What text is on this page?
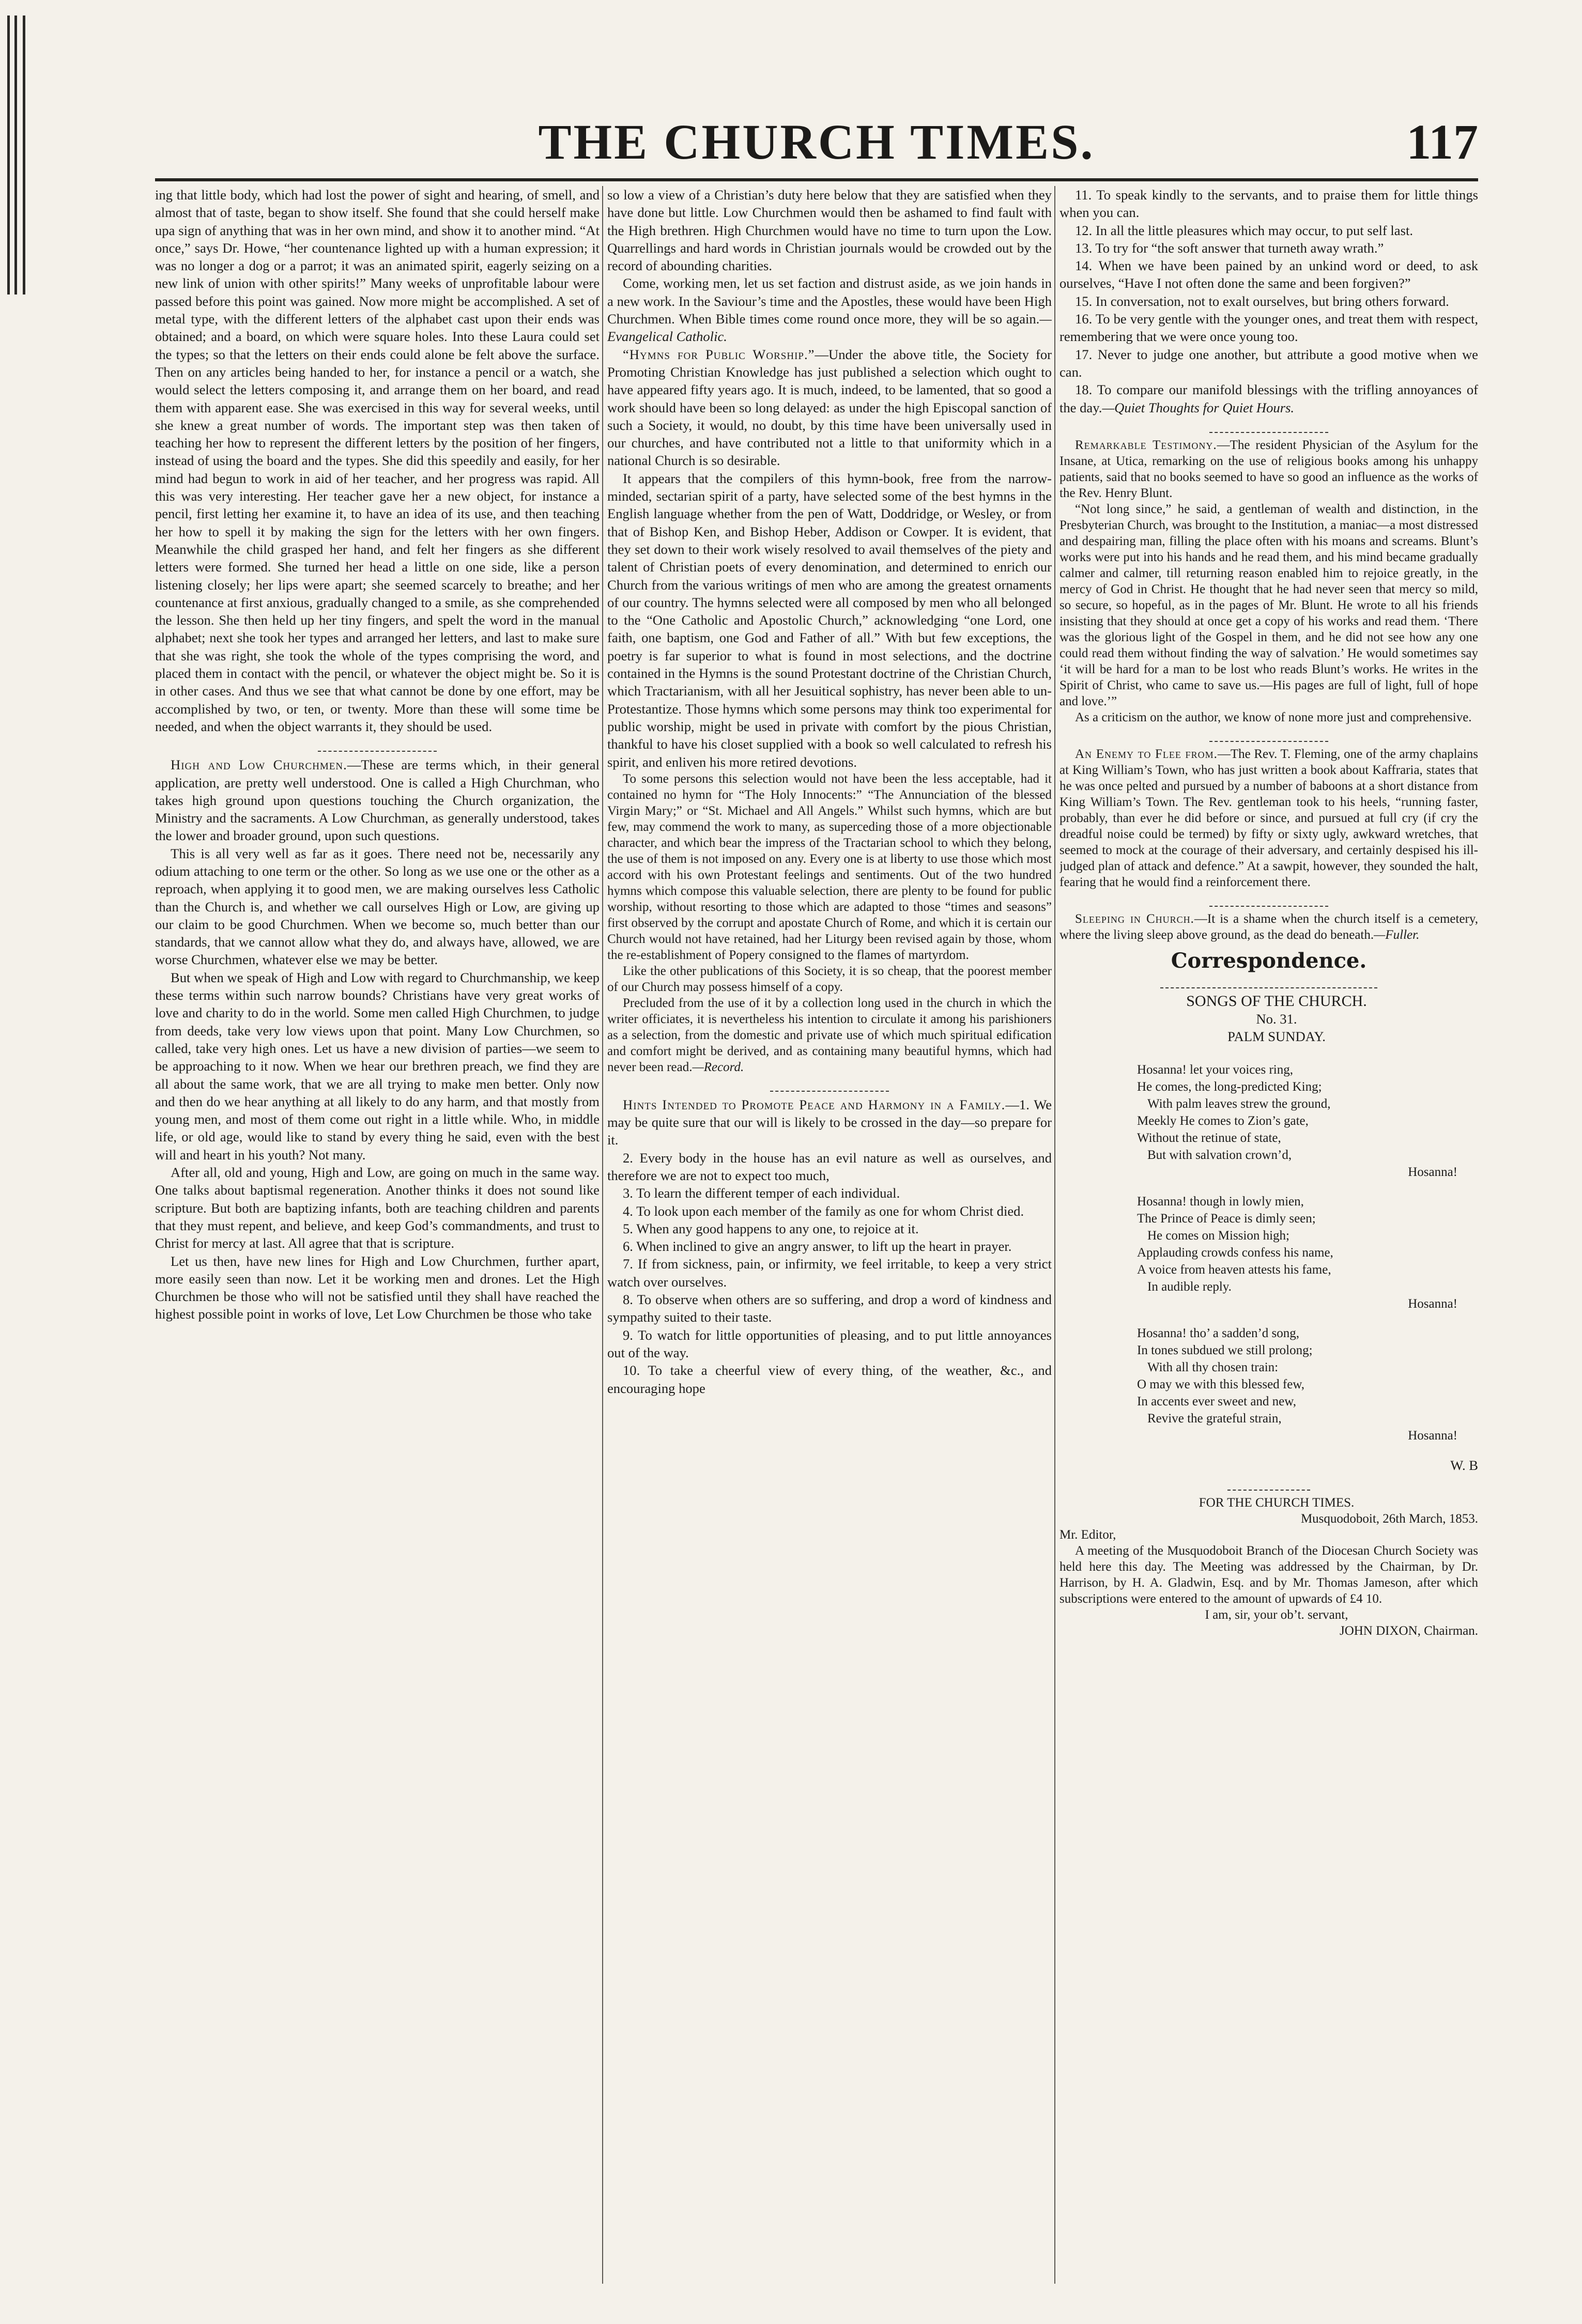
THE CHURCH TIMES.	117

ing that little body, which had lost the power of sight and hearing, of smell, and almost that of taste, began to show itself. She found that she could herself make upa sign of anything that was in her own mind, and show it to another mind. “At once,” says Dr. Howe, “her countenance lighted up with a human expression; it was no longer a dog or a parrot; it was an animated spirit, eagerly seizing on a new link of union with other spirits!” Many weeks of unprofitable labour were passed before this point was gained. Now more might be accomplished. A set of metal type, with the different letters of the alphabet cast upon their ends was obtained; and a board, on which were square holes. Into these Laura could set the types; so that the letters on their ends could alone be felt above the surface. Then on any articles being handed to her, for instance a pencil or a watch, she would select the letters composing it, and arrange them on her board, and read them with apparent ease. She was exercised in this way for several weeks, until she knew a great number of words. The important step was then taken of teaching her how to represent the different letters by the position of her fingers, instead of using the board and the types. She did this speedily and easily, for her mind had begun to work in aid of her teacher, and her progress was rapid. All this was very interesting. Her teacher gave her a new object, for instance a pencil, first letting her examine it, to have an idea of its use, and then teaching her how to spell it by making the sign for the letters with her own fingers. Meanwhile the child grasped her hand, and felt her fingers as she different letters were formed. She turned her head a little on one side, like a person listening closely; her lips were apart; she seemed scarcely to breathe; and her countenance at first anxious, gradually changed to a smile, as she comprehended the lesson. She then held up her tiny fingers, and spelt the word in the manual alphabet; next she took her types and arranged her letters, and last to make sure that she was right, she took the whole of the types comprising the word, and placed them in contact with the pencil, or whatever the object might be. So it is in other cases. And thus we see that what cannot be done by one effort, may be accomplished by two, or ten, or twenty. More than these will some time be needed, and when the object warrants it, they should be used.

High and Low Churchmen.—These are terms which, in their general application, are pretty well understood. One is called a High Churchman, who takes high ground upon questions touching the Church organization, the Ministry and the sacraments. A Low Churchman, as generally understood, takes the lower and broader ground, upon such questions.

This is all very well as far as it goes. There need not be, necessarily any odium attaching to one term or the other. So long as we use one or the other as a reproach, when applying it to good men, we are making ourselves less Catholic than the Church is, and whether we call ourselves High or Low, are giving up our claim to be good Churchmen. When we become so, much better than our standards, that we cannot allow what they do, and always have, allowed, we are worse Churchmen, whatever else we may be better.

But when we speak of High and Low with regard to Churchmanship, we keep these terms within such narrow bounds? Christians have very great works of love and charity to do in the world. Some men called High Churchmen, to judge from deeds, take very low views upon that point. Many Low Churchmen, so called, take very high ones. Let us have a new division of parties—we seem to be approaching to it now. When we hear our brethren preach, we find they are all about the same work, that we are all trying to make men better. Only now and then do we hear anything at all likely to do any harm, and that mostly from young men, and most of them come out right in a little while. Who, in middle life, or old age, would like to stand by every thing he said, even with the best will and heart in his youth? Not many.

After all, old and young, High and Low, are going on much in the same way. One talks about baptismal regeneration. Another thinks it does not sound like scripture. But both are baptizing infants, both are teaching children and parents that they must repent, and believe, and keep God’s commandments, and trust to Christ for mercy at last. All agree that that is scripture.

Let us then, have new lines for High and Low Churchmen, further apart, more easily seen than now. Let it be working men and drones. Let the High Churchmen be those who will not be satisfied until they shall have reached the highest possible point in works of love, Let Low Churchmen be those who take

so low a view of a Christian’s duty here below that they are satisfied when they have done but little. Low Churchmen would then be ashamed to find fault with the High brethren. High Churchmen would have no time to turn upon the Low. Quarrellings and hard words in Christian journals would be crowded out by the record of abounding charities.

Come, working men, let us set faction and distrust aside, as we join hands in a new work. In the Saviour’s time and the Apostles, these would have been High Churchmen. When Bible times come round once more, they will be so again.—Evangelical Catholic.

“Hymns for Public Worship.”—Under the above title, the Society for Promoting Christian Knowledge has just published a selection which ought to have appeared fifty years ago. It is much, indeed, to be lamented, that so good a work should have been so long delayed: as under the high Episcopal sanction of such a Society, it would, no doubt, by this time have been universally used in our churches, and have contributed not a little to that uniformity which in a national Church is so desirable.

It appears that the compilers of this hymn-book, free from the narrow-minded, sectarian spirit of a party, have selected some of the best hymns in the English language whether from the pen of Watt, Doddridge, or Wesley, or from that of Bishop Ken, and Bishop Heber, Addison or Cowper. It is evident, that they set down to their work wisely resolved to avail themselves of the piety and talent of Christian poets of every denomination, and determined to enrich our Church from the various writings of men who are among the greatest ornaments of our country. The hymns selected were all composed by men who all belonged to the “One Catholic and Apostolic Church,” acknowledging “one Lord, one faith, one baptism, one God and Father of all.” With but few exceptions, the poetry is far superior to what is found in most selections, and the doctrine contained in the Hymns is the sound Protestant doctrine of the Christian Church, which Tractarianism, with all her Jesuitical sophistry, has never been able to un-Protestantize. Those hymns which some persons may think too experimental for public worship, might be used in private with comfort by the pious Christian, thankful to have his closet supplied with a book so well calculated to refresh his spirit, and enliven his more retired devotions.

To some persons this selection would not have been the less acceptable, had it contained no hymn for “The Holy Innocents:” “The Annunciation of the blessed Virgin Mary;” or “St. Michael and All Angels.” Whilst such hymns, which are but few, may commend the work to many, as superceding those of a more objectionable character, and which bear the impress of the Tractarian school to which they belong, the use of them is not imposed on any. Every one is at liberty to use those which most accord with his own Protestant feelings and sentiments. Out of the two hundred hymns which compose this valuable selection, there are plenty to be found for public worship, without resorting to those which are adapted to those “times and seasons” first observed by the corrupt and apostate Church of Rome, and which it is certain our Church would not have retained, had her Liturgy been revised again by those, whom the re-establishment of Popery consigned to the flames of martyrdom.

Like the other publications of this Society, it is so cheap, that the poorest member of our Church may possess himself of a copy.

Precluded from the use of it by a collection long used in the church in which the writer officiates, it is nevertheless his intention to circulate it among his parishioners as a selection, from the domestic and private use of which much spiritual edification and comfort might be derived, and as containing many beautiful hymns, which had never been read.—Record.

Hints Intended to Promote Peace and Harmony in a Family.—1. We may be quite sure that our will is likely to be crossed in the day—so prepare for it.

2. Every body in the house has an evil nature as well as ourselves, and therefore we are not to expect too much,

3. To learn the different temper of each individual.

4. To look upon each member of the family as one for whom Christ died.

5. When any good happens to any one, to rejoice at it.

6. When inclined to give an angry answer, to lift up the heart in prayer.

7. If from sickness, pain, or infirmity, we feel irritable, to keep a very strict watch over ourselves.

8. To observe when others are so suffering, and drop a word of kindness and sympathy suited to their taste.

9. To watch for little opportunities of pleasing, and to put little annoyances out of the way.

10. To take a cheerful view of every thing, of the weather, &c., and encouraging hope

11. To speak kindly to the servants, and to praise them for little things when you can.

12. In all the little pleasures which may occur, to put self last.

13. To try for “the soft answer that turneth away wrath.”

14. When we have been pained by an unkind word or deed, to ask ourselves, “Have I not often done the same and been forgiven?”

15. In conversation, not to exalt ourselves, but bring others forward.

16. To be very gentle with the younger ones, and treat them with respect, remembering that we were once young too.

17. Never to judge one another, but attribute a good motive when we can.

18. To compare our manifold blessings with the trifling annoyances of the day.—Quiet Thoughts for Quiet Hours.

Remarkable Testimony.—The resident Physician of the Asylum for the Insane, at Utica, remarking on the use of religious books among his unhappy patients, said that no books seemed to have so good an influence as the works of the Rev. Henry Blunt.

“Not long since,” he said, a gentleman of wealth and distinction, in the Presbyterian Church, was brought to the Institution, a maniac—a most distressed and despairing man, filling the place often with his moans and screams. Blunt’s works were put into his hands and he read them, and his mind became gradually calmer and calmer, till returning reason enabled him to rejoice greatly, in the mercy of God in Christ. He thought that he had never seen that mercy so mild, so secure, so hopeful, as in the pages of Mr. Blunt. He wrote to all his friends insisting that they should at once get a copy of his works and read them. ‘There was the glorious light of the Gospel in them, and he did not see how any one could read them without finding the way of salvation.’ He would sometimes say ‘it will be hard for a man to be lost who reads Blunt’s works. He writes in the Spirit of Christ, who came to save us.—His pages are full of light, full of hope and love.’”

As a criticism on the author, we know of none more just and comprehensive.

An Enemy to Flee from.—The Rev. T. Fleming, one of the army chaplains at King William’s Town, who has just written a book about Kaffraria, states that he was once pelted and pursued by a number of baboons at a short distance from King William’s Town. The Rev. gentleman took to his heels, “running faster, probably, than ever he did before or since, and pursued at full cry (if cry the dreadful noise could be termed) by fifty or sixty ugly, awkward wretches, that seemed to mock at the courage of their adversary, and certainly despised his ill-judged plan of attack and defence.” At a sawpit, however, they sounded the halt, fearing that he would find a reinforcement there.

Sleeping in Church.—It is a shame when the church itself is a cemetery, where the living sleep above ground, as the dead do beneath.—Fuller.

Correspondence.

SONGS OF THE CHURCH.

No. 31.

PALM SUNDAY.

Hosanna! let your voices ring,
He comes, the long-predicted King;
With palm leaves strew the ground,
Meekly He comes to Zion’s gate,
Without the retinue of state,
But with salvation crown’d,
Hosanna!
Hosanna! though in lowly mien,
The Prince of Peace is dimly seen;
He comes on Mission high;
Applauding crowds confess his name,
A voice from heaven attests his fame,
In audible reply.
Hosanna!
Hosanna! tho’ a sadden’d song,
In tones subdued we still prolong;
With all thy chosen train:
O may we with this blessed few,
In accents ever sweet and new,
Revive the grateful strain,
Hosanna!

W. B

FOR THE CHURCH TIMES.

Musquodoboit, 26th March, 1853.

Mr. Editor,

A meeting of the Musquodoboit Branch of the Diocesan Church Society was held here this day. The Meeting was addressed by the Chairman, by Dr. Harrison, by H. A. Gladwin, Esq. and by Mr. Thomas Jameson, after which subscriptions were entered to the amount of upwards of £4 10.

I am, sir, your ob’t. servant,

JOHN DIXON, Chairman.
